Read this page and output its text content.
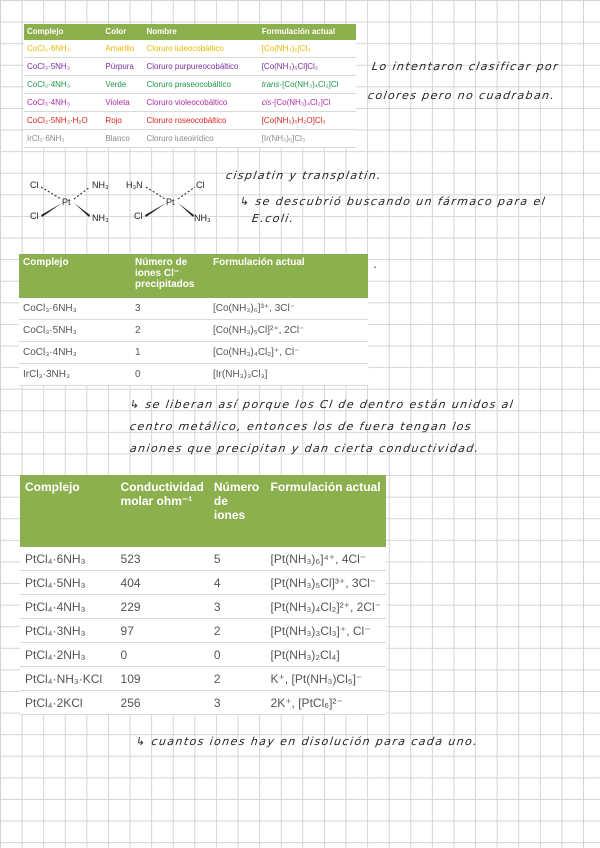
Complejo	Color	Nombre	Formulación actual
CoCl₃·6NH₃	Amarillo	Cloruro luteocobáltico	[Co(NH₃)₆]Cl₃
CoCl₃·5NH₃	Púrpura	Cloruro purpureocobáltico	[Co(NH₃)₅Cl]Cl₂
CoCl₃·4NH₃	Verde	Cloruro praseocobáltico	trans-[Co(NH₃)₄Cl₂]Cl
CoCl₃·4NH₃	Violeta	Cloruro violeocobáltico	cis-[Co(NH₃)₄Cl₂]Cl
CoCl₃·5NH₃·H₂O	Rojo	Cloruro roseocobáltico	[Co(NH₃)₅H₂O]Cl₃
IrCl₃·6NH₃	Blanco	Cloruro luteoirídico	[Ir(NH₃)₆]Cl₃
Lo intentaron clasificar por
colores pero no cuadraban.
Cl	NH₃
Pt
Cl	NH₃
H₃N	Cl
Pt
Cl	NH₃
cisplatin y transplatin.
↳ se descubrió buscando un fármaco para el
E.coli.
.
Complejo	Número de iones Cl⁻ precipitados	Formulación actual
CoCl₃·6NH₃	3	[Co(NH₃)₆]³⁺, 3Cl⁻
CoCl₃·5NH₃	2	[Co(NH₃)₅Cl]²⁺, 2Cl⁻
CoCl₃·4NH₃	1	[Co(NH₃)₄Cl₂]⁺, Cl⁻
IrCl₃·3NH₃	0	[Ir(NH₃)₃Cl₃]
↳ se liberan así porque los Cl de dentro están unidos al
centro metálico, entonces los de fuera tengan los
aniones que precipitan y dan cierta conductividad.
Complejo	Conductividad molar ohm⁻¹	Número de iones	Formulación actual
PtCl₄·6NH₃	523	5	[Pt(NH₃)₆]⁴⁺, 4Cl⁻
PtCl₄·5NH₃	404	4	[Pt(NH₃)₅Cl]³⁺, 3Cl⁻
PtCl₄·4NH₃	229	3	[Pt(NH₃)₄Cl₂]²⁺, 2Cl⁻
PtCl₄·3NH₃	97	2	[Pt(NH₃)₃Cl₃]⁺, Cl⁻
PtCl₄·2NH₃	0	0	[Pt(NH₃)₂Cl₄]
PtCl₄·NH₃·KCl	109	2	K⁺, [Pt(NH₃)Cl₅]⁻
PtCl₄·2KCl	256	3	2K⁺, [PtCl₆]²⁻
↳ cuantos iones hay en disolución para cada uno.
